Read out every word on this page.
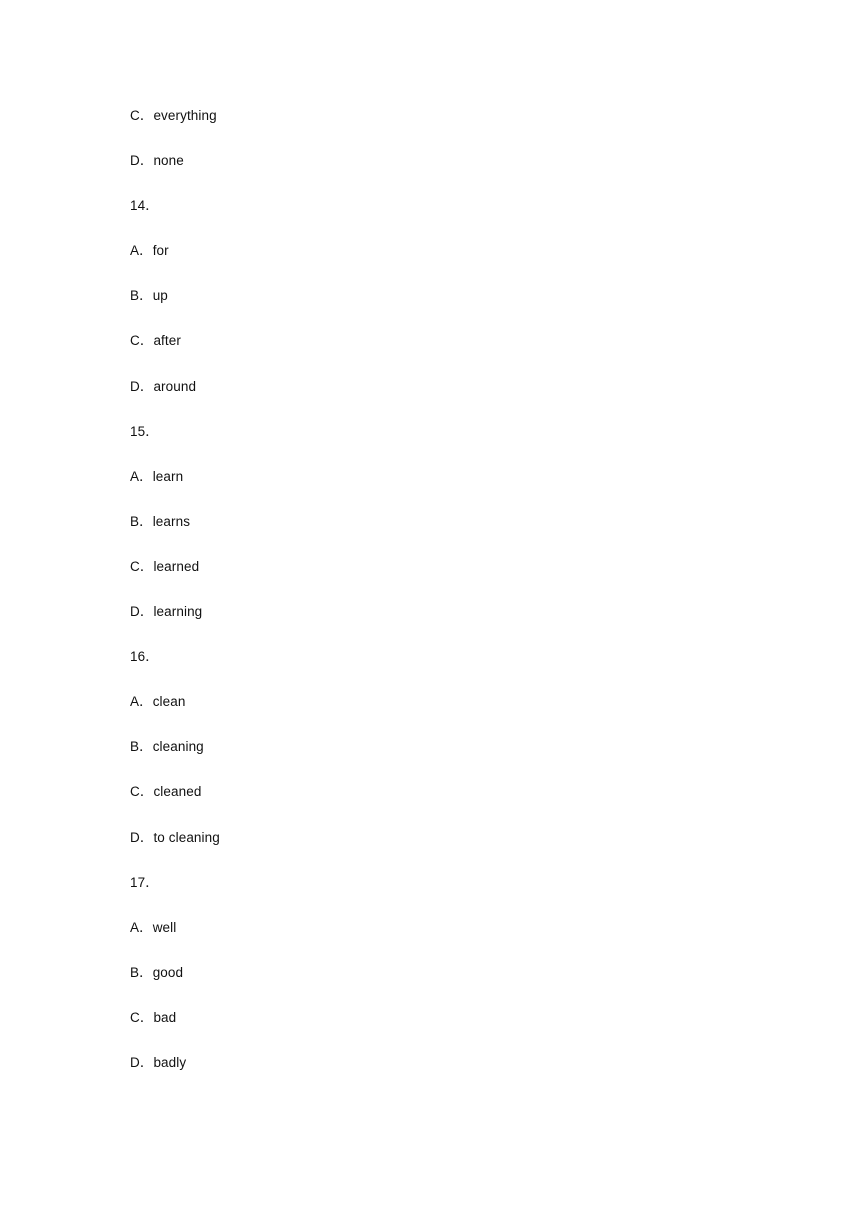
C．everything
D．none
14．
A．for
B．up
C．after
D．around
15．
A．learn
B．learns
C．learned
D．learning
16．
A．clean
B．cleaning
C．cleaned
D．to cleaning
17．
A．well
B．good
C．bad
D．badly
